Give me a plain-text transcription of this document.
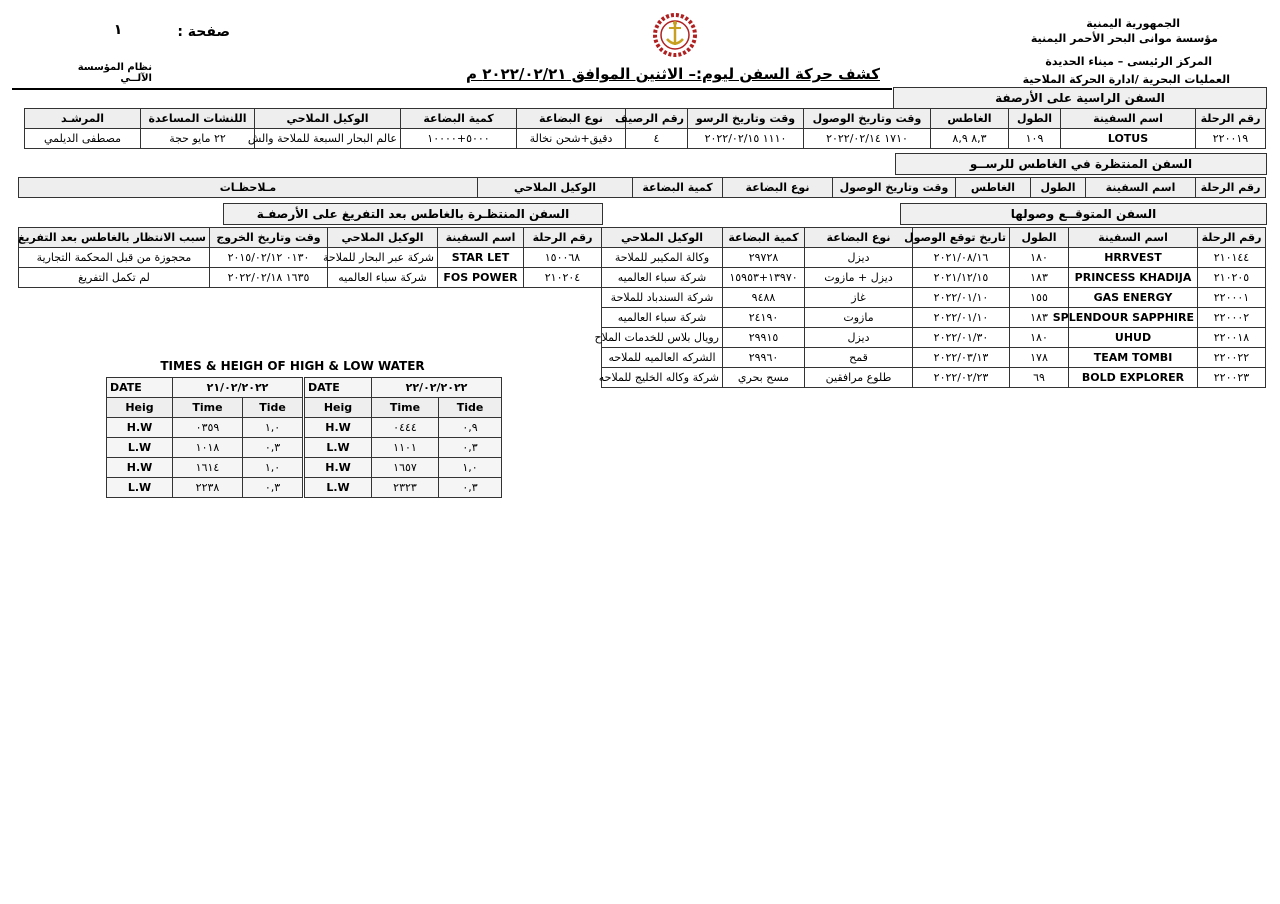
الجمهورية اليمنية
مؤسسة موانى البحر الأحمر اليمنية
المركز الرئيسى – ميناء الحديدة
العمليات البحرية /ادارة الحركة الملاحية
صفحة :
١
نظام المؤسسة الآلــي	كشف حركة السفن ليوم:– الاثنين الموافق ٢٠٢٢/٠٢/٢١ م
السفن الراسية على الأرصفة
رقم الرحلة	اسم السفينة	الطول	الغاطس	وقت وتاريخ الوصول	وقت وتاريخ الرسو	رقم الرصيف	نوع البضاعة	كمية البضاعة	الوكيل الملاحي	اللنشات المساعدة	المرشـد
٢٢٠٠١٩	LOTUS	١٠٩	٨,٣ ٨,٩	١٧١٠ ٢٠٢٢/٠٢/١٤	١١١٠ ٢٠٢٢/٠٢/١٥	٤	دقيق+شحن نخالة	٥٠٠٠+١٠٠٠٠	عالم البحار السبعة للملاحة والش	٢٢ مايو حجة	مصطفى الديلمي
السفن المنتظرة في الغاطس للرســو
رقم الرحلة	اسم السفينة	الطول	الغاطس	وقت وتاريخ الوصول	نوع البضاعة	كمية البضاعة	الوكيل الملاحي	مـلاحظـات
السفن المتوقــع وصولها
رقم الرحلة	اسم السفينة	الطول	تاريخ توقع الوصول	نوع البضاعة	كمية البضاعة	الوكيل الملاحي
٢١٠١٤٤	HRRVEST	١٨٠	٢٠٢١/٠٨/١٦	ديزل	٢٩٧٢٨	وكالة المكيبر للملاحة
٢١٠٢٠٥	PRINCESS KHADIJA	١٨٣	٢٠٢١/١٢/١٥	ديزل + مازوت	١٣٩٧٠+١٥٩٥٣	شركة سباء العالميه
٢٢٠٠٠١	GAS ENERGY	١٥٥	٢٠٢٢/٠١/١٠	غاز	٩٤٨٨	شركة السندباد للملاحة
٢٢٠٠٠٢	SPLENDOUR SAPPHIRE	١٨٣	٢٠٢٢/٠١/١٠	مازوت	٢٤١٩٠	شركة سباء العالميه
٢٢٠٠١٨	UHUD	١٨٠	٢٠٢٢/٠١/٣٠	ديزل	٢٩٩١٥	رويال بلاس للخدمات الملاح
٢٢٠٠٢٢	TEAM TOMBI	١٧٨	٢٠٢٢/٠٣/١٣	قمح	٢٩٩٦٠	الشركه العالميه للملاحه
٢٢٠٠٢٣	BOLD EXPLORER	٦٩	٢٠٢٢/٠٢/٢٣	طلوع مرافقين	مسح بحري	شركة وكاله الخليج للملاحه
السفن المنتظـرة بالغاطس بعد التفريغ على الأرصفـة
رقم الرحلة	اسم السفينة	الوكيل الملاحي	وقت وتاريخ الخروج	سبب الانتظار بالغاطس بعد التفريغ
١٥٠٠٦٨	STAR LET	شركة عبر البحار للملاحة	٠١٣٠ ٢٠١٥/٠٢/١٢	محجوزة من قبل المحكمة التجارية
٢١٠٢٠٤	FOS POWER	شركة سباء العالميه	١٦٣٥ ٢٠٢٢/٠٢/١٨	لم تكمل التفريغ
TIMES & HEIGH OF HIGH & LOW WATER
DATE	٢١/٠٢/٢٠٢٢	
Heig	Time	Tide
H.W	٠٣٥٩	١,٠
L.W	١٠١٨	٠,٣
H.W	١٦١٤	١,٠
L.W	٢٢٣٨	٠,٣
DATE	٢٢/٠٢/٢٠٢٢	
Heig	Time	Tide
H.W	٠٤٤٤	٠,٩
L.W	١١٠١	٠,٣
H.W	١٦٥٧	١,٠
L.W	٢٣٢٣	٠,٣
